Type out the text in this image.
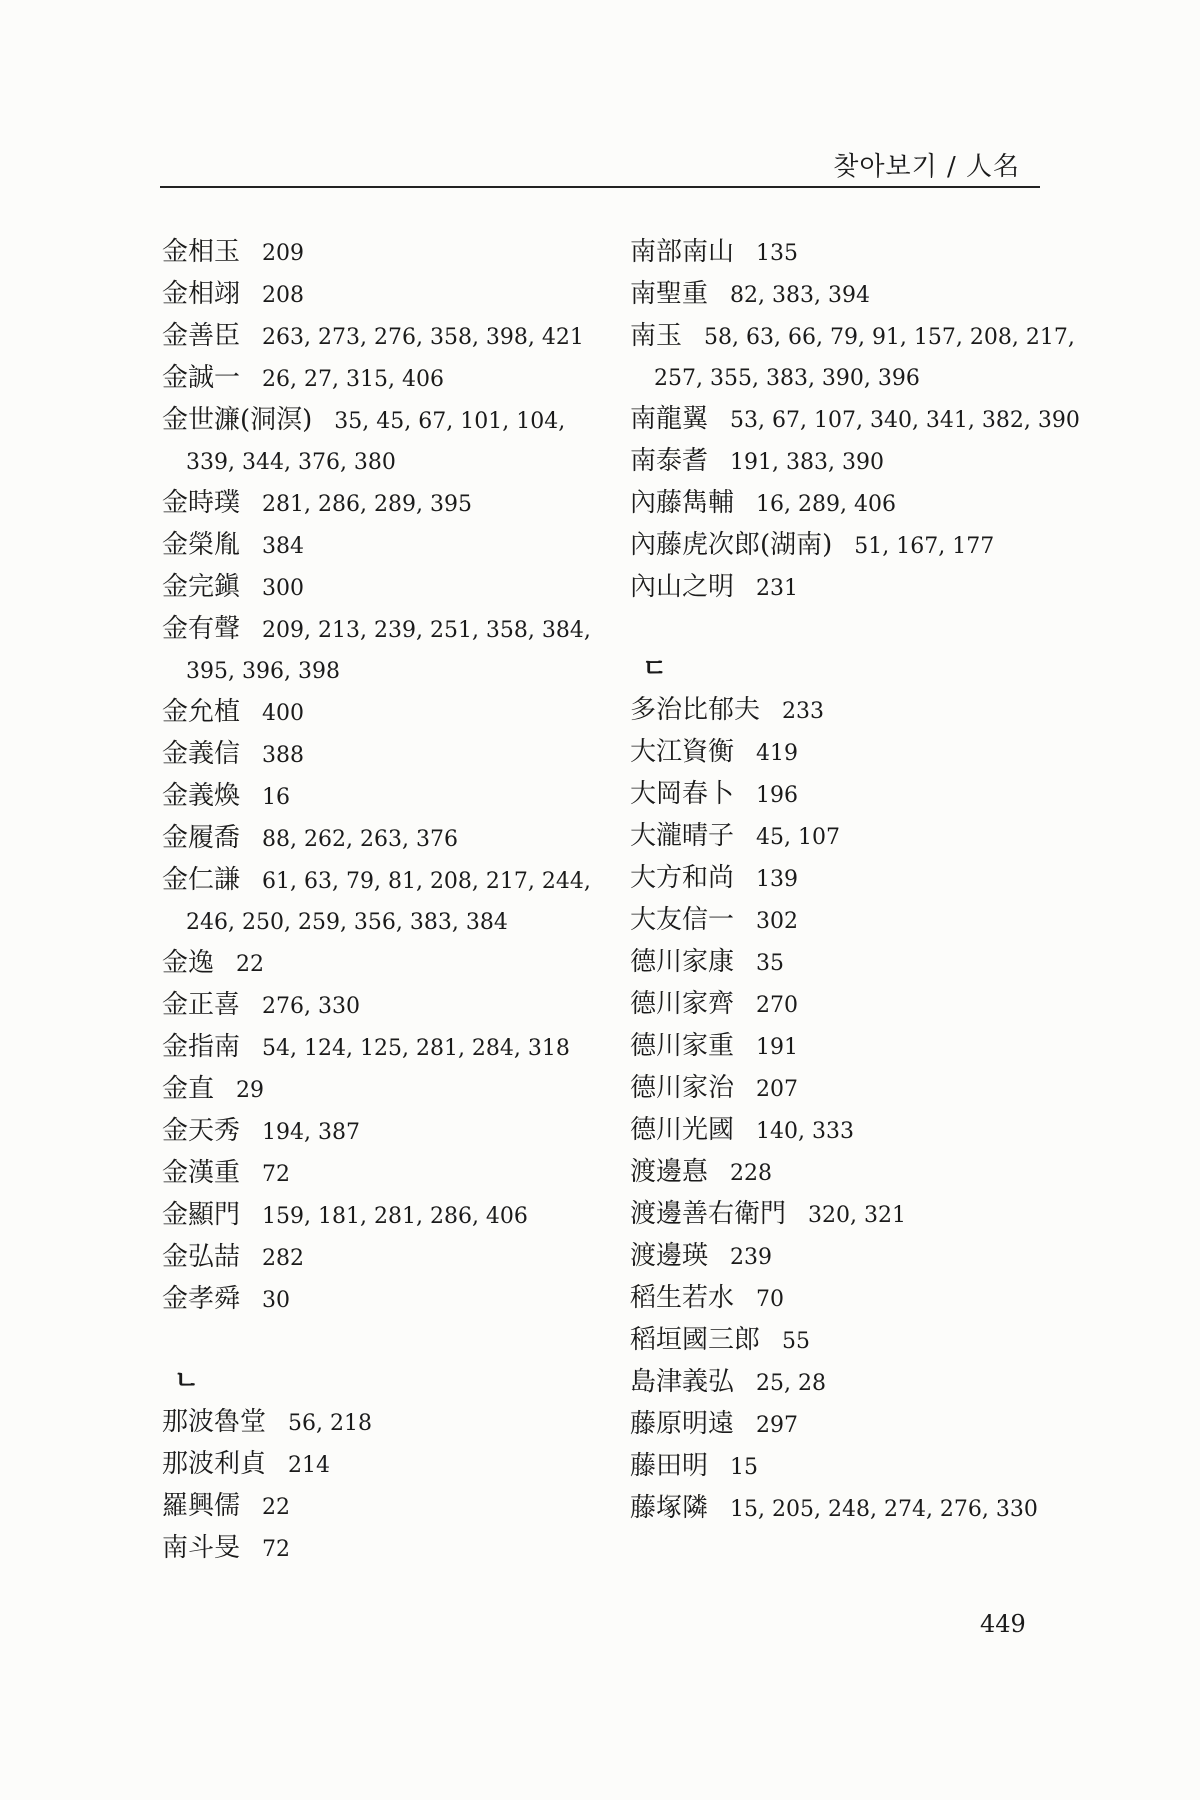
찾아보기 / 人名
金相玉 209
金相翊 208
金善臣 263, 273, 276, 358, 398, 421
金誠一 26, 27, 315, 406
金世濂(洞溟) 35, 45, 67, 101, 104,
339, 344, 376, 380
金時璞 281, 286, 289, 395
金榮胤 384
金完鎭 300
金有聲 209, 213, 239, 251, 358, 384,
395, 396, 398
金允植 400
金義信 388
金義煥 16
金履喬 88, 262, 263, 376
金仁謙 61, 63, 79, 81, 208, 217, 244,
246, 250, 259, 356, 383, 384
金逸 22
金正喜 276, 330
金指南 54, 124, 125, 281, 284, 318
金直 29
金天秀 194, 387
金漢重 72
金顯門 159, 181, 281, 286, 406
金弘喆 282
金孝舜 30
ㄴ
那波魯堂 56, 218
那波利貞 214
羅興儒 22
南斗旻 72
南部南山 135
南聖重 82, 383, 394
南玉 58, 63, 66, 79, 91, 157, 208, 217,
257, 355, 383, 390, 396
南龍翼 53, 67, 107, 340, 341, 382, 390
南泰耆 191, 383, 390
內藤雋輔 16, 289, 406
內藤虎次郎(湖南) 51, 167, 177
內山之明 231
ㄷ
多治比郁夫 233
大江資衡 419
大岡春卜 196
大瀧晴子 45, 107
大方和尚 139
大友信一 302
德川家康 35
德川家齊 270
德川家重 191
德川家治 207
德川光國 140, 333
渡邊惪 228
渡邊善右衛門 320, 321
渡邊瑛 239
稻生若水 70
稻垣國三郎 55
島津義弘 25, 28
藤原明遠 297
藤田明 15
藤塚隣 15, 205, 248, 274, 276, 330
449
